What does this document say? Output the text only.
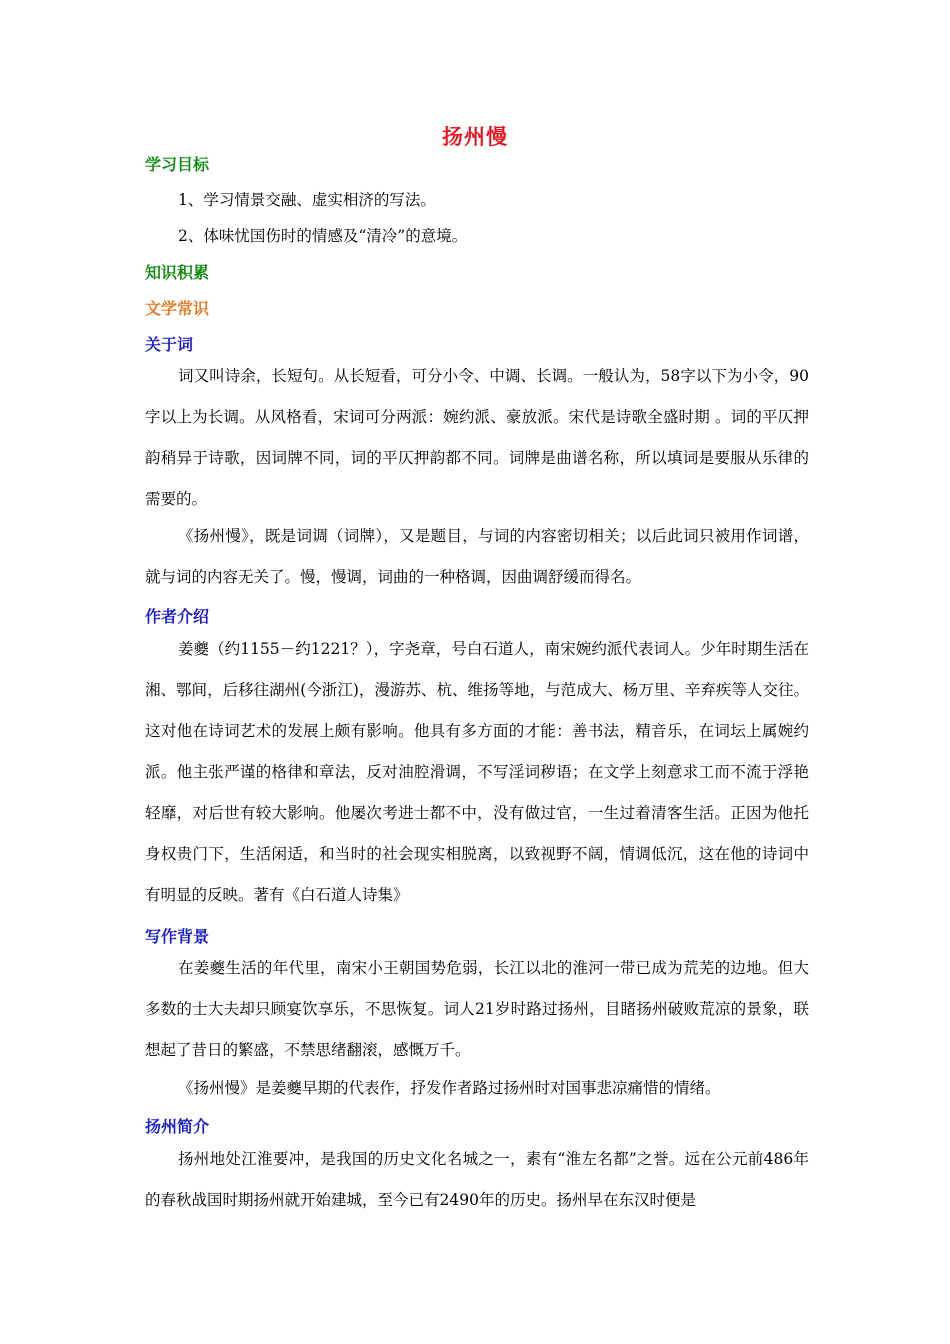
扬州慢
学习目标
1、学习情景交融、虚实相济的写法。
2、体味忧国伤时的情感及“清冷”的意境。
知识积累
文学常识
关于词

词又叫诗余，长短句。从长短看，可分小令、中调、长调。一般认为，58字以下为小令，90字以上为长调。从风格看，宋词可分两派：婉约派、豪放派。宋代是诗歌全盛时期 。词的平仄押韵稍异于诗歌，因词牌不同，词的平仄押韵都不同。词牌是曲谱名称，所以填词是要服从乐律的需要的。

《扬州慢》，既是词调（词牌），又是题目，与词的内容密切相关；以后此词只被用作词谱，就与词的内容无关了。慢，慢调，词曲的一种格调，因曲调舒缓而得名。

作者介绍

姜夔（约1155－约1221？），字尧章，号白石道人，南宋婉约派代表词人。少年时期生活在湘、鄂间，后移往湖州(今浙江)，漫游苏、杭、维扬等地，与范成大、杨万里、辛弃疾等人交往。这对他在诗词艺术的发展上颇有影响。他具有多方面的才能：善书法，精音乐，在词坛上属婉约派。他主张严谨的格律和章法，反对油腔滑调，不写淫词秽语；在文学上刻意求工而不流于浮艳轻靡，对后世有较大影响。他屡次考进士都不中，没有做过官，一生过着清客生活。正因为他托身权贵门下，生活闲适，和当时的社会现实相脱离，以致视野不阔，情调低沉，这在他的诗词中有明显的反映。著有《白石道人诗集》

写作背景

在姜夔生活的年代里，南宋小王朝国势危弱，长江以北的淮河一带已成为荒芜的边地。但大多数的士大夫却只顾宴饮享乐，不思恢复。词人21岁时路过扬州，目睹扬州破败荒凉的景象，联想起了昔日的繁盛，不禁思绪翻滚，感慨万千。

《扬州慢》是姜夔早期的代表作，抒发作者路过扬州时对国事悲凉痛惜的情绪。

扬州简介

扬州地处江淮要冲，是我国的历史文化名城之一，素有“淮左名都”之誉。远在公元前486年的春秋战国时期扬州就开始建城，至今已有2490年的历史。扬州早在东汉时便是
